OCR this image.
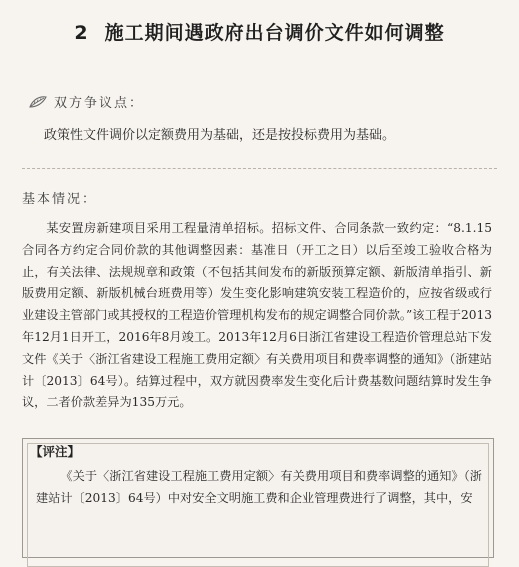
2 施工期间遇政府出台调价文件如何调整
双方争议点：
政策性文件调价以定额费用为基础，还是按投标费用为基础。
基本情况：

某安置房新建项目采用工程量清单招标。招标文件、合同条款一致约定：“8.1.15　合同各方约定合同价款的其他调整因素：基准日（开工之日）以后至竣工验收合格为止，有关法律、法规规章和政策（不包括其间发布的新版预算定额、新版清单指引、新版费用定额、新版机械台班费用等）发生变化影响建筑安装工程造价的，应按省级或行业建设主管部门或其授权的工程造价管理机构发布的规定调整合同价款。”该工程于2013年12月1日开工，2016年8月竣工。2013年12月6日浙江省建设工程造价管理总站下发文件《关于〈浙江省建设工程施工费用定额〉有关费用项目和费率调整的通知》（浙建站计〔2013〕64号）。结算过程中，双方就因费率发生变化后计费基数问题结算时发生争议，二者价款差异为135万元。

【评注】

《关于〈浙江省建设工程施工费用定额〉有关费用项目和费率调整的通知》（浙建站计〔2013〕64号）中对安全文明施工费和企业管理费进行了调整，其中，安
